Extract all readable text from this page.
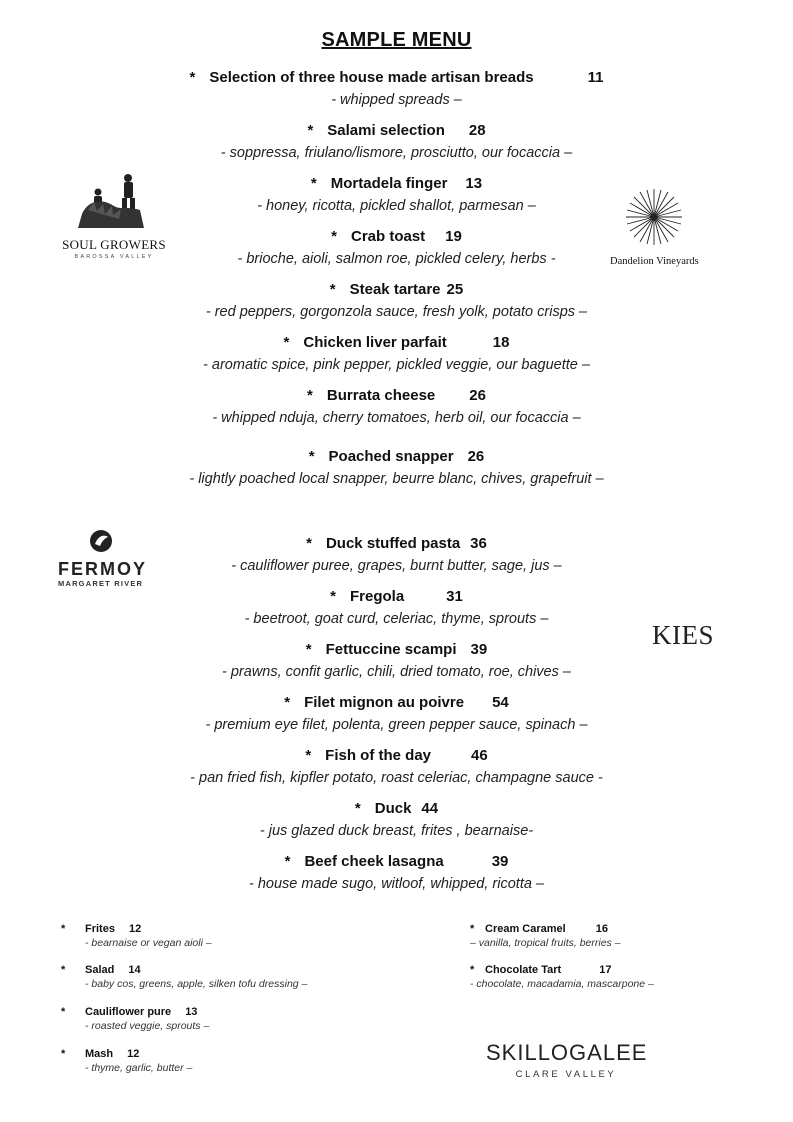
SAMPLE MENU
* Selection of three house made artisan breads	11
- whipped spreads –
* Salami selection 28
- soppressa, friulano/lismore, prosciutto, our focaccia –
* Mortadela finger 13
- honey, ricotta, pickled shallot, parmesan –
* Crab toast 19
- brioche, aioli, salmon roe, pickled celery, herbs -
* Steak tartare 25
- red peppers, gorgonzola sauce, fresh yolk, potato crisps –
* Chicken liver parfait	18
- aromatic spice, pink pepper, pickled veggie, our baguette –
* Burrata cheese 26
- whipped nduja, cherry tomatoes, herb oil, our focaccia –
* Poached snapper 26
- lightly poached local snapper, beurre blanc, chives, grapefruit –
* Duck stuffed pasta 36
- cauliflower puree, grapes, burnt butter, sage, jus –
* Fregola	31
- beetroot, goat curd, celeriac, thyme, sprouts –
* Fettuccine scampi 39
- prawns, confit garlic, chili, dried tomato, roe, chives –
* Filet mignon au poivre 54
- premium eye filet, polenta, green pepper sauce, spinach –
* Fish of the day	46
- pan fried fish, kipfler potato, roast celeriac, champagne sauce -
* Duck 44
- jus glazed duck breast, frites , bearnaise-
* Beef cheek lasagna	39
- house made sugo, witloof, whipped, ricotta –
* Frites 12
- bearnaise or vegan aioli –
* Salad 14
- baby cos, greens, apple, silken tofu dressing –
* Cauliflower pure 13
- roasted veggie, sprouts –
* Mash 12
- thyme, garlic, butter –
* Cream Caramel	16
– vanilla, tropical fruits, berries –
* Chocolate Tart	17
- chocolate, macadamia, mascarpone –
SOUL GROWERS
BAROSSA VALLEY	Dandelion Vineyards
FERMOY
MARGARET RIVER
KIES
SKILLOGALEE
CLARE VALLEY
